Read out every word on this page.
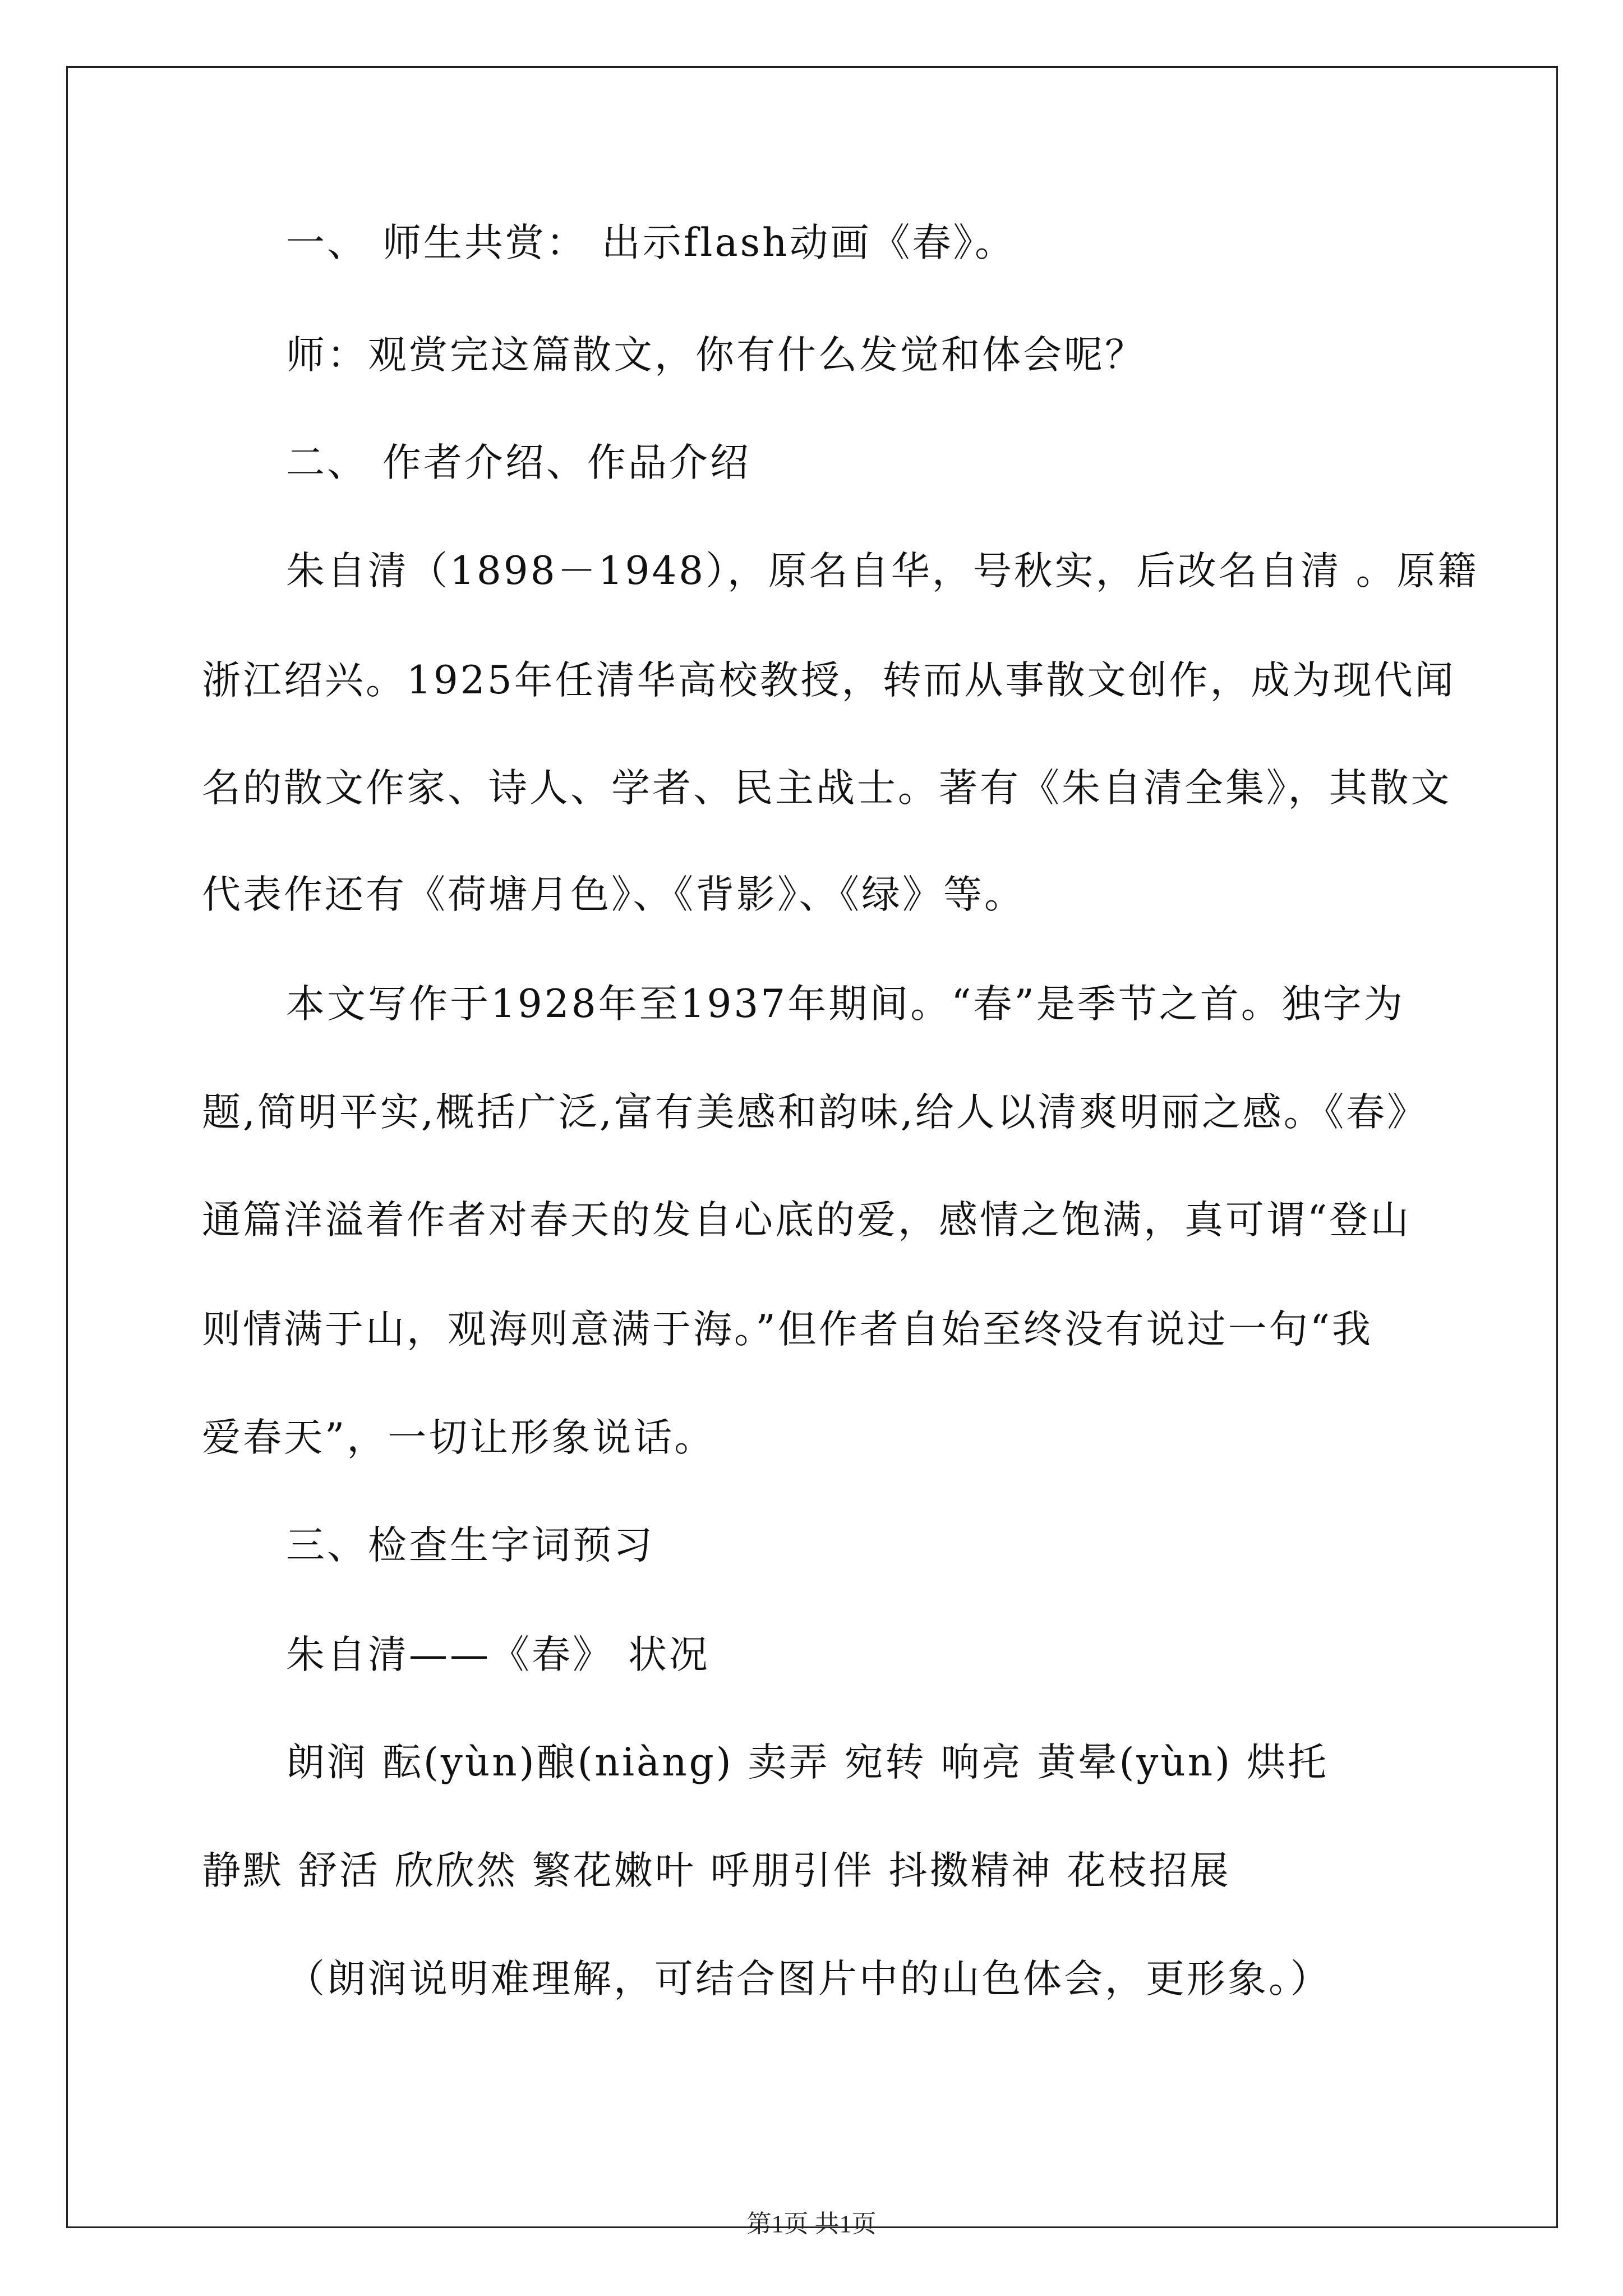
一、 师生共赏： 出示flash动画《春》。
师：观赏完这篇散文，你有什么发觉和体会呢？
二、 作者介绍、作品介绍
朱自清（1898－1948），原名自华，号秋实，后改名自清 。原籍
浙江绍兴。1925年任清华高校教授，转而从事散文创作，成为现代闻
名的散文作家、诗人、学者、民主战士。著有《朱自清全集》，其散文
代表作还有《荷塘月色》、《背影》、《绿》等。
本文写作于1928年至1937年期间。“春”是季节之首。独字为
题,简明平实,概括广泛,富有美感和韵味,给人以清爽明丽之感。《春》
通篇洋溢着作者对春天的发自心底的爱，感情之饱满，真可谓“登山
则情满于山，观海则意满于海。”但作者自始至终没有说过一句“我
爱春天”，一切让形象说话。
三、检查生字词预习
朱自清——《春》 状况
朗润 酝(yùn)酿(niàng) 卖弄 宛转 响亮 黄晕(yùn) 烘托
静默 舒活 欣欣然 繁花嫩叶 呼朋引伴 抖擞精神 花枝招展
（朗润说明难理解，可结合图片中的山色体会，更形象。）
第1页 共1页
